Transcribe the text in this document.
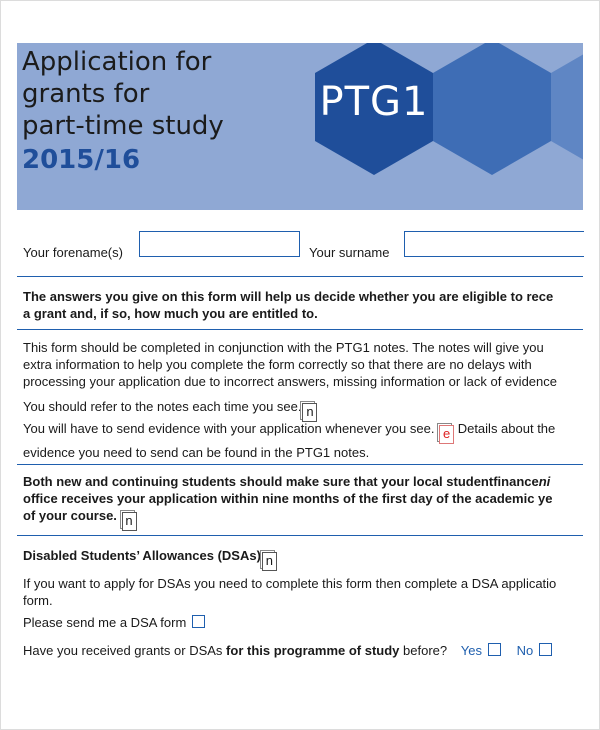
Application for
grants for
part-time study
2015/16
PTG1
Your forename(s)	Your surname
The answers you give on this form will help us decide whether you are eligible to rece
a grant and, if so, how much you are entitled to.
This form should be completed in conjunction with the PTG1 notes. The notes will give you
extra information to help you complete the form correctly so that there are no delays with
processing your application due to incorrect answers, missing information or lack of evidence
You should refer to the notes each time you see. n
You will have to send evidence with your application whenever you see. e Details about the
evidence you need to send can be found in the PTG1 notes.
Both new and continuing students should make sure that your local studentfinanceni
office receives your application within nine months of the first day of the academic ye
of your course. n
Disabled Students’ Allowances (DSAs) n
If you want to apply for DSAs you need to complete this form then complete a DSA applicatio
form.
Please send me a DSA form
Have you received grants or DSAs for this programme of study before? Yes	No
